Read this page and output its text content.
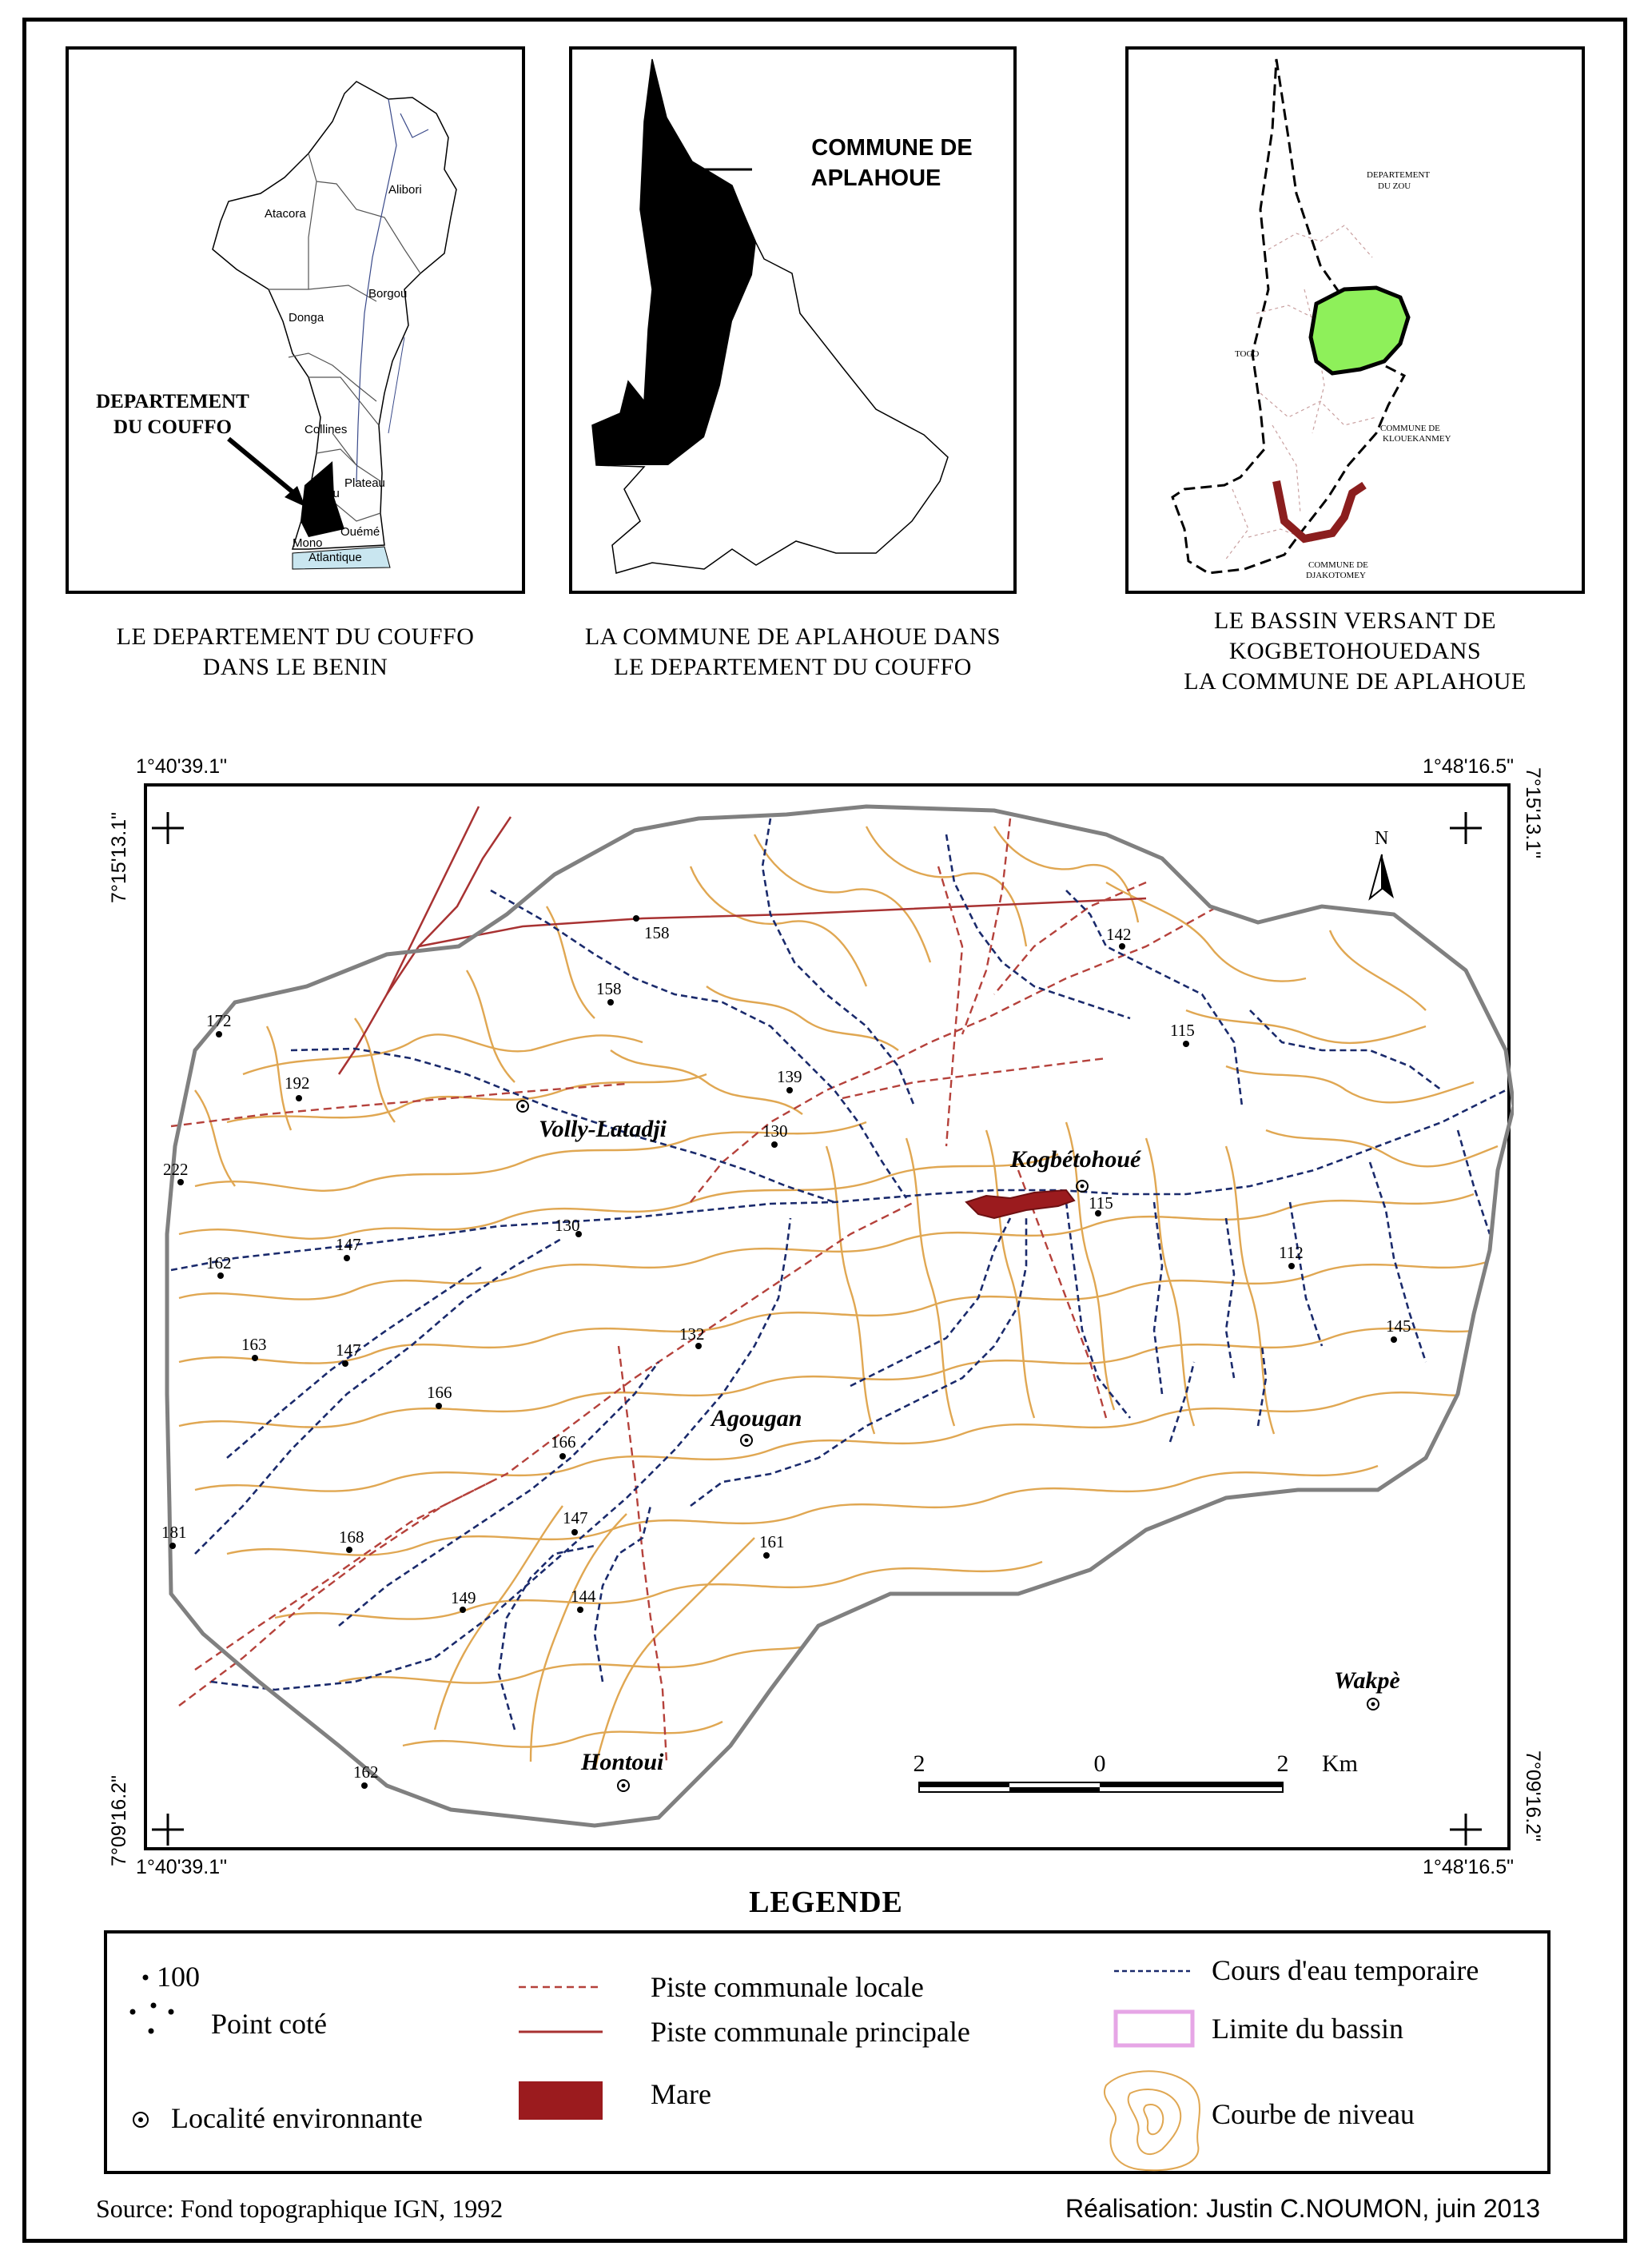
Alibori
Atacora
Borgou
Donga
Collines
Plateau
Zou
Ouémé
Mono
Atlantique
DEPARTEMENT
DU COUFFO
LE DEPARTEMENT DU COUFFO
DANS LE BENIN
COMMUNE DE
APLAHOUE
LA COMMUNE DE APLAHOUE DANS
LE DEPARTEMENT DU COUFFO
DEPARTEMENT
DU ZOU
TOGO
COMMUNE DE
KLOUEKANMEY
COMMUNE DE
DJAKOTOMEY
LE BASSIN VERSANT DE
KOGBETOHOUEDANS
LA COMMUNE DE APLAHOUE
1°40'39.1"	1°48'16.5"
1°40'39.1"	1°48'16.5"
7°15'13.1"
7°09'16.2"
7°15'13.1"
7°09'16.2"
N
158	142
158
115
172
192	139
130
222
115
130
147
162
112
132
163	147
145
166
166
181	168
147
161
149	144
162
Volly-Latadji
Kogbétohoué
Agougan
Hontoui
Wakpè
2	0	2 Km
LEGENDE
100
Point coté
Localité environnante
Piste communale locale
Piste communale principale
Mare
Cours d'eau temporaire
Limite du bassin
Courbe de niveau
Source: Fond topographique IGN, 1992	Réalisation: Justin C.NOUMON, juin 2013
